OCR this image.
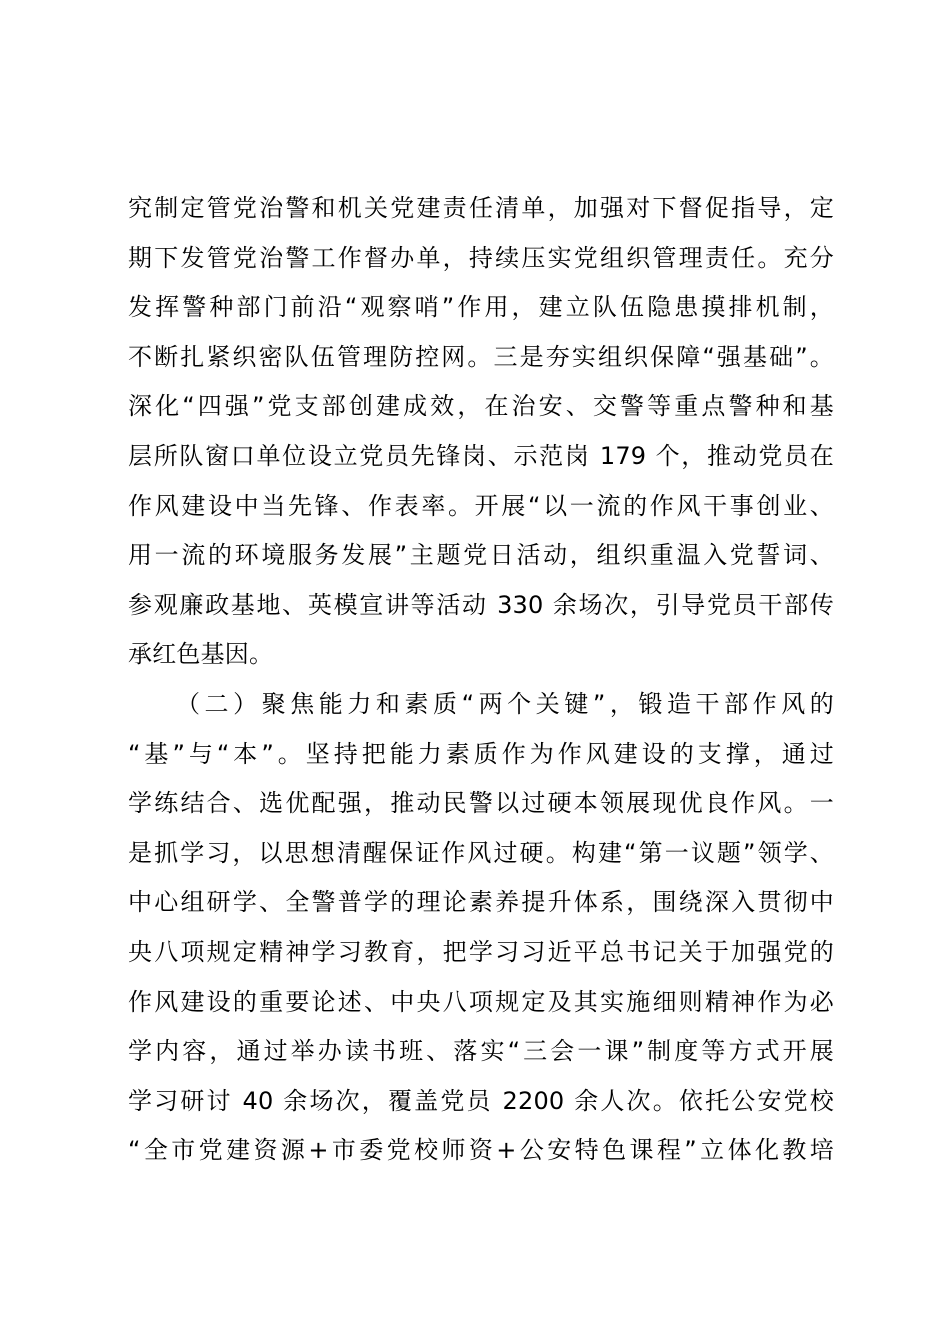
究制定管党治警和机关党建责任清单，加强对下督促指导，定
期下发管党治警工作督办单，持续压实党组织管理责任。充分
发挥警种部门前沿“观察哨”作用，建立队伍隐患摸排机制，
不断扎紧织密队伍管理防控网。三是夯实组织保障“强基础”。
深化“四强”党支部创建成效，在治安、交警等重点警种和基
层所队窗口单位设立党员先锋岗、示范岗 179 个，推动党员在
作风建设中当先锋、作表率。开展“以一流的作风干事创业、
用一流的环境服务发展”主题党日活动，组织重温入党誓词、
参观廉政基地、英模宣讲等活动 330 余场次，引导党员干部传
承红色基因。
（二）聚焦能力和素质“两个关键”，锻造干部作风的
“基”与“本”。坚持把能力素质作为作风建设的支撑，通过
学练结合、选优配强，推动民警以过硬本领展现优良作风。一
是抓学习，以思想清醒保证作风过硬。构建“第一议题”领学、
中心组研学、全警普学的理论素养提升体系，围绕深入贯彻中
央八项规定精神学习教育，把学习习近平总书记关于加强党的
作风建设的重要论述、中央八项规定及其实施细则精神作为必
学内容，通过举办读书班、落实“三会一课”制度等方式开展
学习研讨 40 余场次，覆盖党员 2200 余人次。依托公安党校
“全市党建资源+市委党校师资+公安特色课程”立体化教培
